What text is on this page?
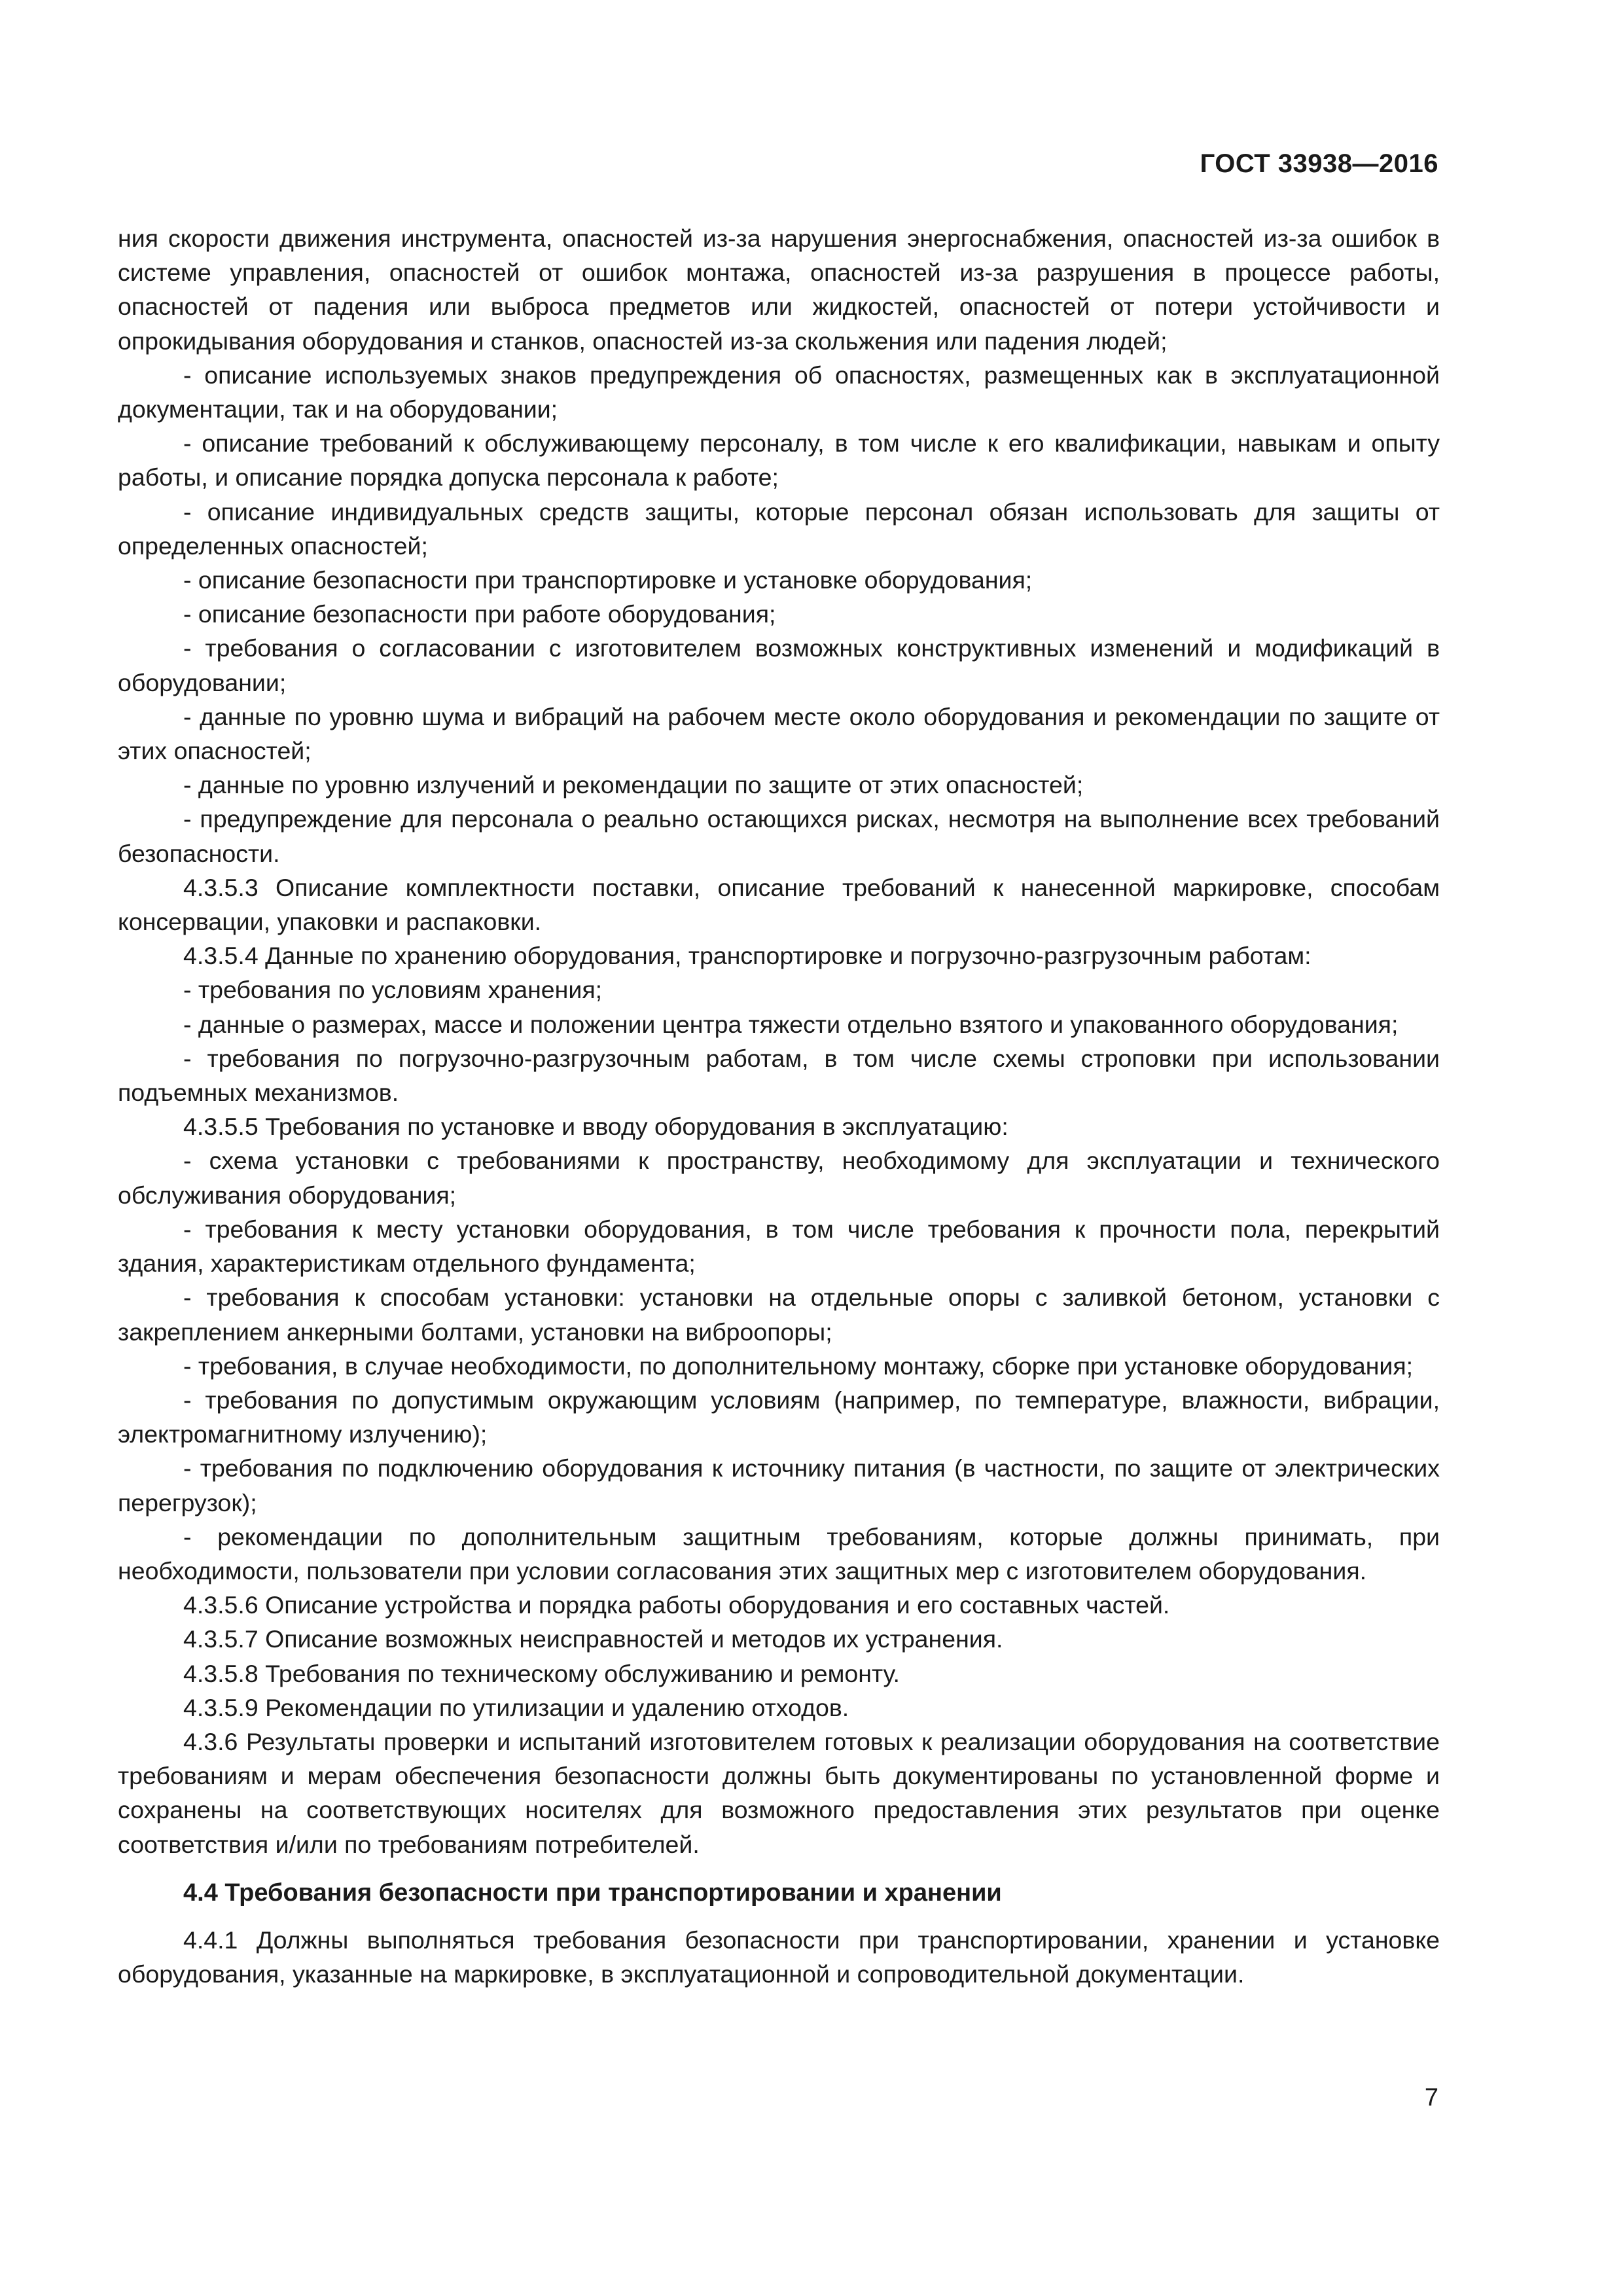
ГОСТ 33938—2016

ния скорости движения инструмента, опасностей из-за нарушения энергоснабжения, опасностей из-за ошибок в системе управления, опасностей от ошибок монтажа, опасностей из-за разрушения в процессе работы, опасностей от падения или выброса предметов или жидкостей, опасностей от потери устойчивости и опрокидывания оборудования и станков, опасностей из-за скольжения или падения людей;

- описание используемых знаков предупреждения об опасностях, размещенных как в эксплуатационной документации, так и на оборудовании;

- описание требований к обслуживающему персоналу, в том числе к его квалификации, навыкам и опыту работы, и описание порядка допуска персонала к работе;

- описание индивидуальных средств защиты, которые персонал обязан использовать для защиты от определенных опасностей;

- описание безопасности при транспортировке и установке оборудования;

- описание безопасности при работе оборудования;

- требования о согласовании с изготовителем возможных конструктивных изменений и модификаций в оборудовании;

- данные по уровню шума и вибраций на рабочем месте около оборудования и рекомендации по защите от этих опасностей;

- данные по уровню излучений и рекомендации по защите от этих опасностей;

- предупреждение для персонала о реально остающихся рисках, несмотря на выполнение всех требований безопасности.

4.3.5.3 Описание комплектности поставки, описание требований к нанесенной маркировке, способам консервации, упаковки и распаковки.

4.3.5.4 Данные по хранению оборудования, транспортировке и погрузочно-разгрузочным работам:

- требования по условиям хранения;

- данные о размерах, массе и положении центра тяжести отдельно взятого и упакованного оборудования;

- требования по погрузочно-разгрузочным работам, в том числе схемы строповки при использовании подъемных механизмов.

4.3.5.5 Требования по установке и вводу оборудования в эксплуатацию:

- схема установки с требованиями к пространству, необходимому для эксплуатации и технического обслуживания оборудования;

- требования к месту установки оборудования, в том числе требования к прочности пола, перекрытий здания, характеристикам отдельного фундамента;

- требования к способам установки: установки на отдельные опоры с заливкой бетоном, установки с закреплением анкерными болтами, установки на виброопоры;

- требования, в случае необходимости, по дополнительному монтажу, сборке при установке оборудования;

- требования по допустимым окружающим условиям (например, по температуре, влажности, вибрации, электромагнитному излучению);

- требования по подключению оборудования к источнику питания (в частности, по защите от электрических перегрузок);

- рекомендации по дополнительным защитным требованиям, которые должны принимать, при необходимости, пользователи при условии согласования этих защитных мер с изготовителем оборудования.

4.3.5.6 Описание устройства и порядка работы оборудования и его составных частей.

4.3.5.7 Описание возможных неисправностей и методов их устранения.

4.3.5.8 Требования по техническому обслуживанию и ремонту.

4.3.5.9 Рекомендации по утилизации и удалению отходов.

4.3.6 Результаты проверки и испытаний изготовителем готовых к реализации оборудования на соответствие требованиям и мерам обеспечения безопасности должны быть документированы по установленной форме и сохранены на соответствующих носителях для возможного предоставления этих результатов при оценке соответствия и/или по требованиям потребителей.

4.4 Требования безопасности при транспортировании и хранении

4.4.1 Должны выполняться требования безопасности при транспортировании, хранении и установке оборудования, указанные на маркировке, в эксплуатационной и сопроводительной документации.

7
